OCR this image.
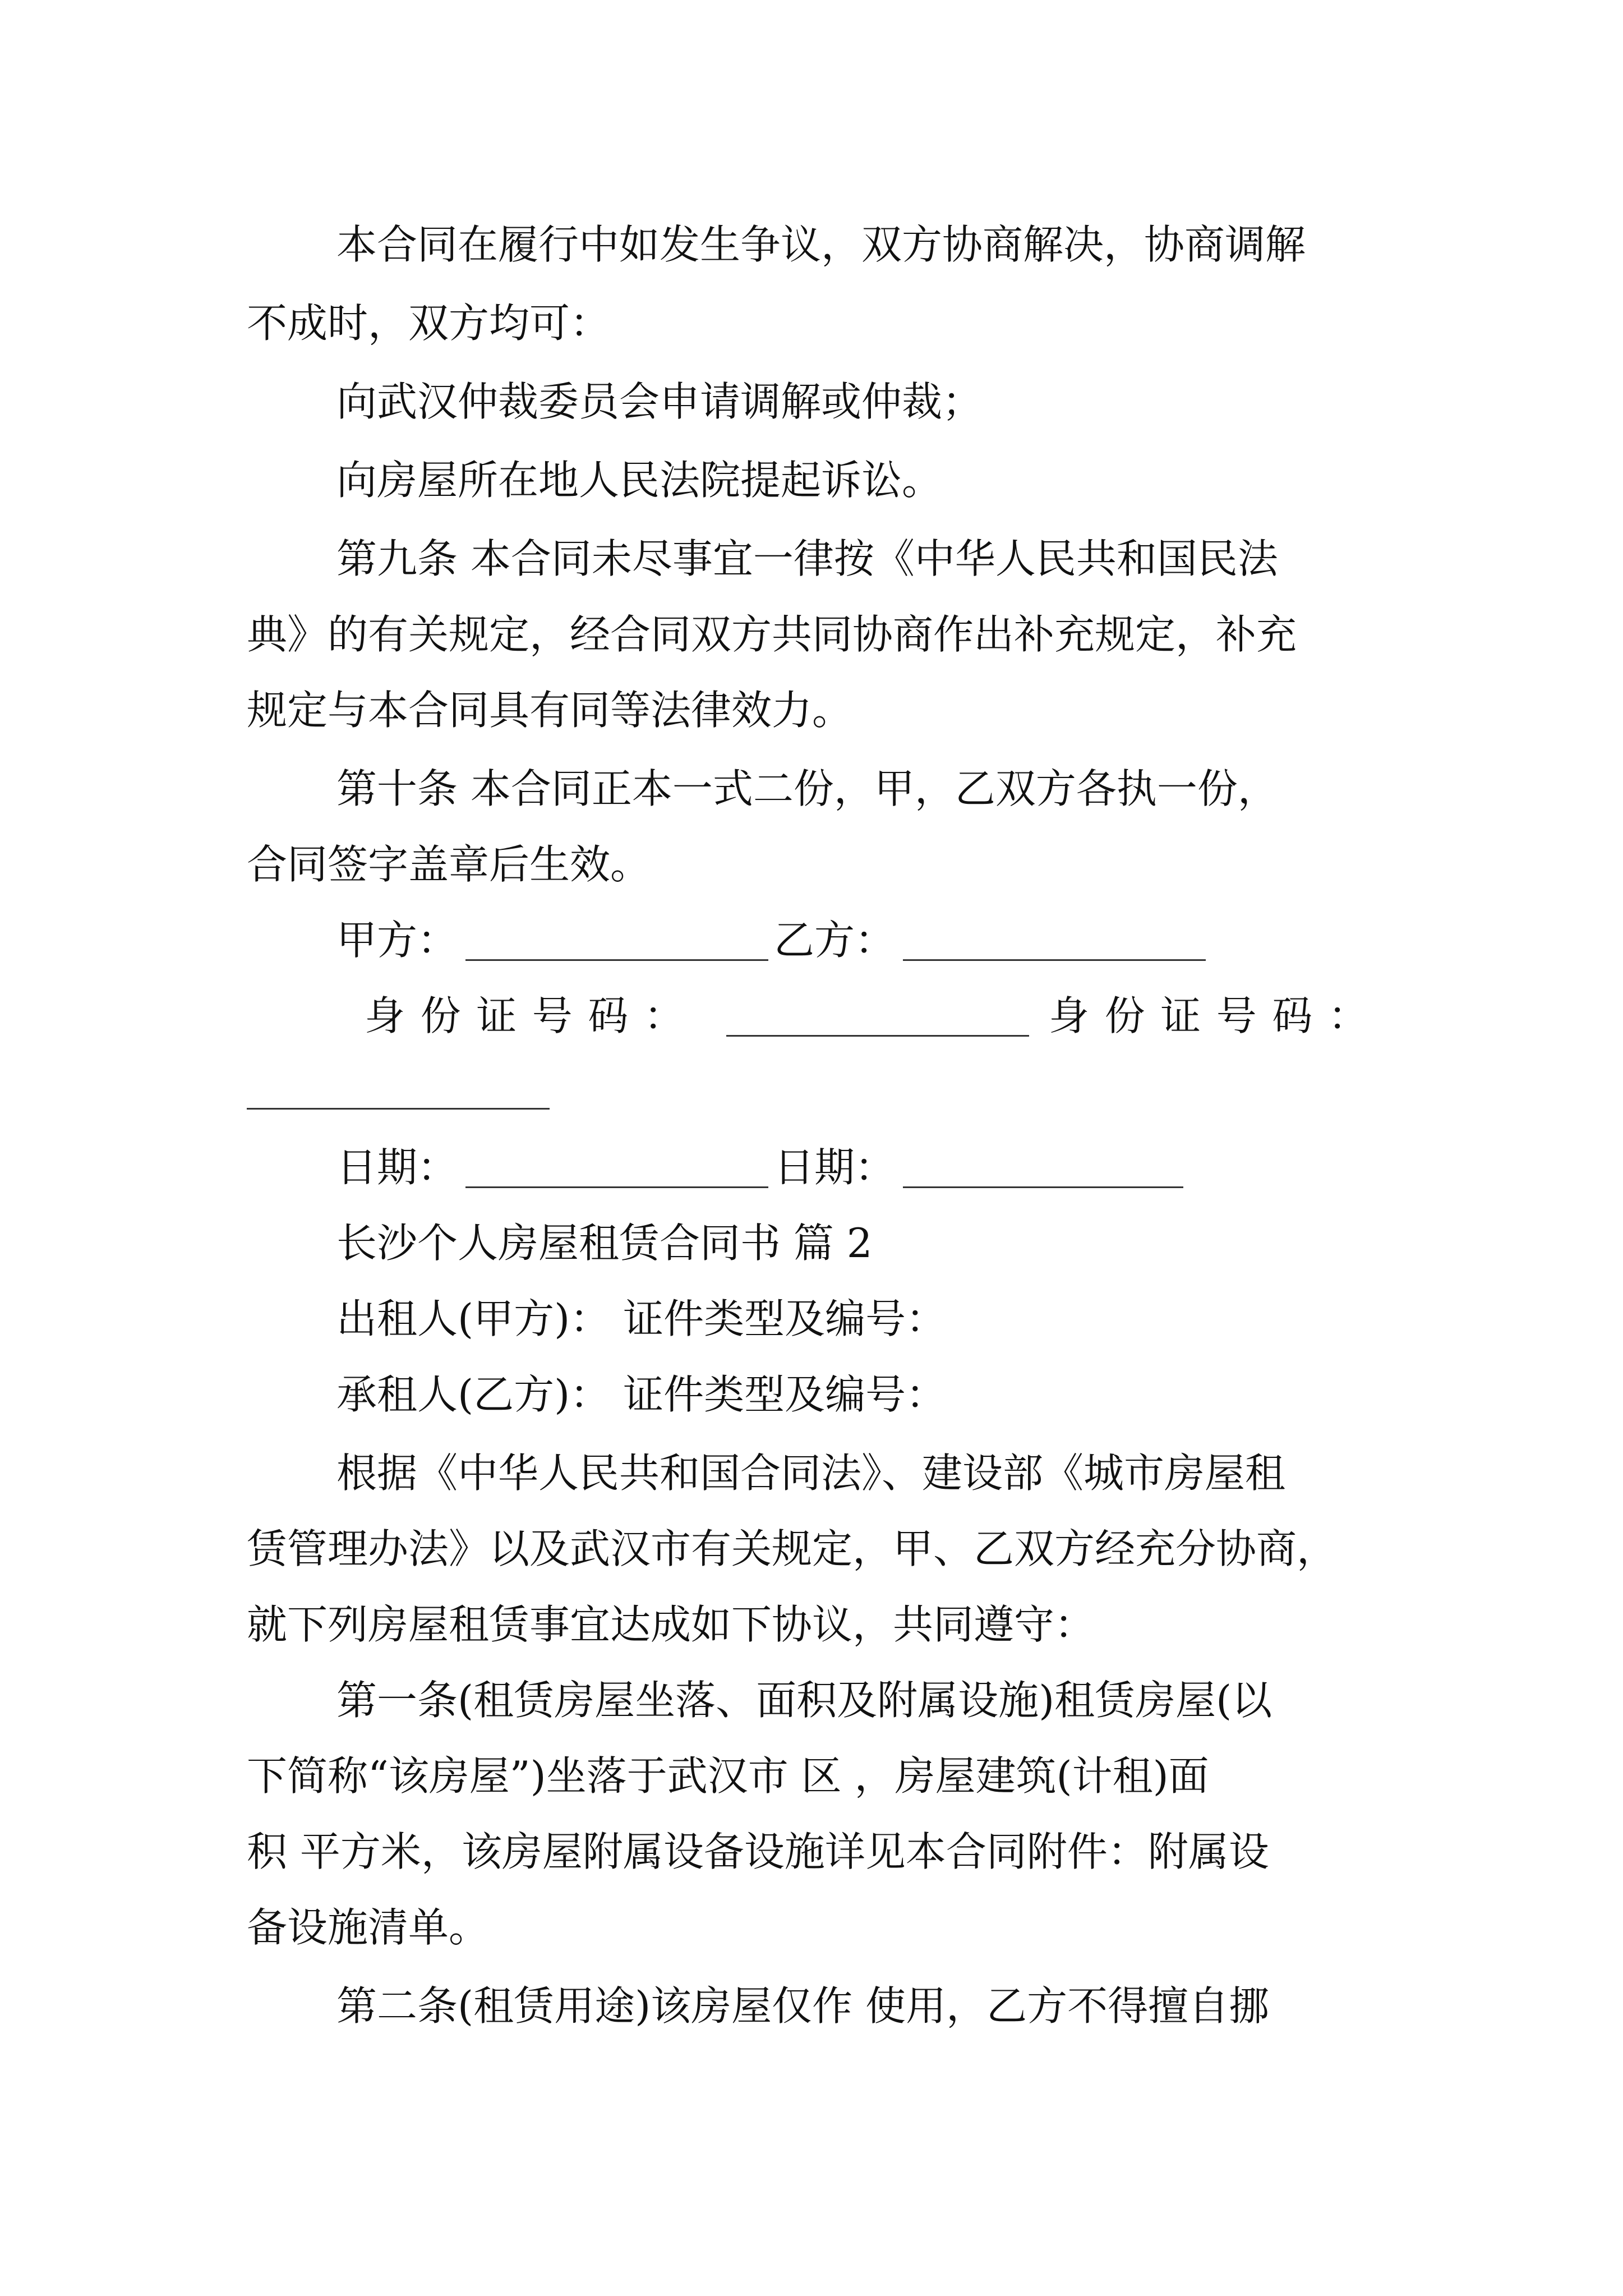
本合同在履行中如发生争议，双方协商解决，协商调解
不成时，双方均可：
向武汉仲裁委员会申请调解或仲裁；
向房屋所在地人民法院提起诉讼。
第九条 本合同未尽事宜一律按《中华人民共和国民法
典》的有关规定，经合同双方共同协商作出补充规定，补充
规定与本合同具有同等法律效力。
第十条 本合同正本一式二份，甲，乙双方各执一份，
合同签字盖章后生效。
甲方：	乙方：
身 份 证 号 码 ：	身 份 证 号 码 ：
日期：	日期：
长沙个人房屋租赁合同书 篇 2
出租人(甲方)： 证件类型及编号：
承租人(乙方)： 证件类型及编号：
根据《中华人民共和国合同法》、建设部《城市房屋租
赁管理办法》以及武汉市有关规定，甲、乙双方经充分协商，
就下列房屋租赁事宜达成如下协议，共同遵守：
第一条(租赁房屋坐落、面积及附属设施)租赁房屋(以
下简称“该房屋”)坐落于武汉市 区 ，房屋建筑(计租)面
积 平方米，该房屋附属设备设施详见本合同附件：附属设
备设施清单。
第二条(租赁用途)该房屋仅作 使用，乙方不得擅自挪
